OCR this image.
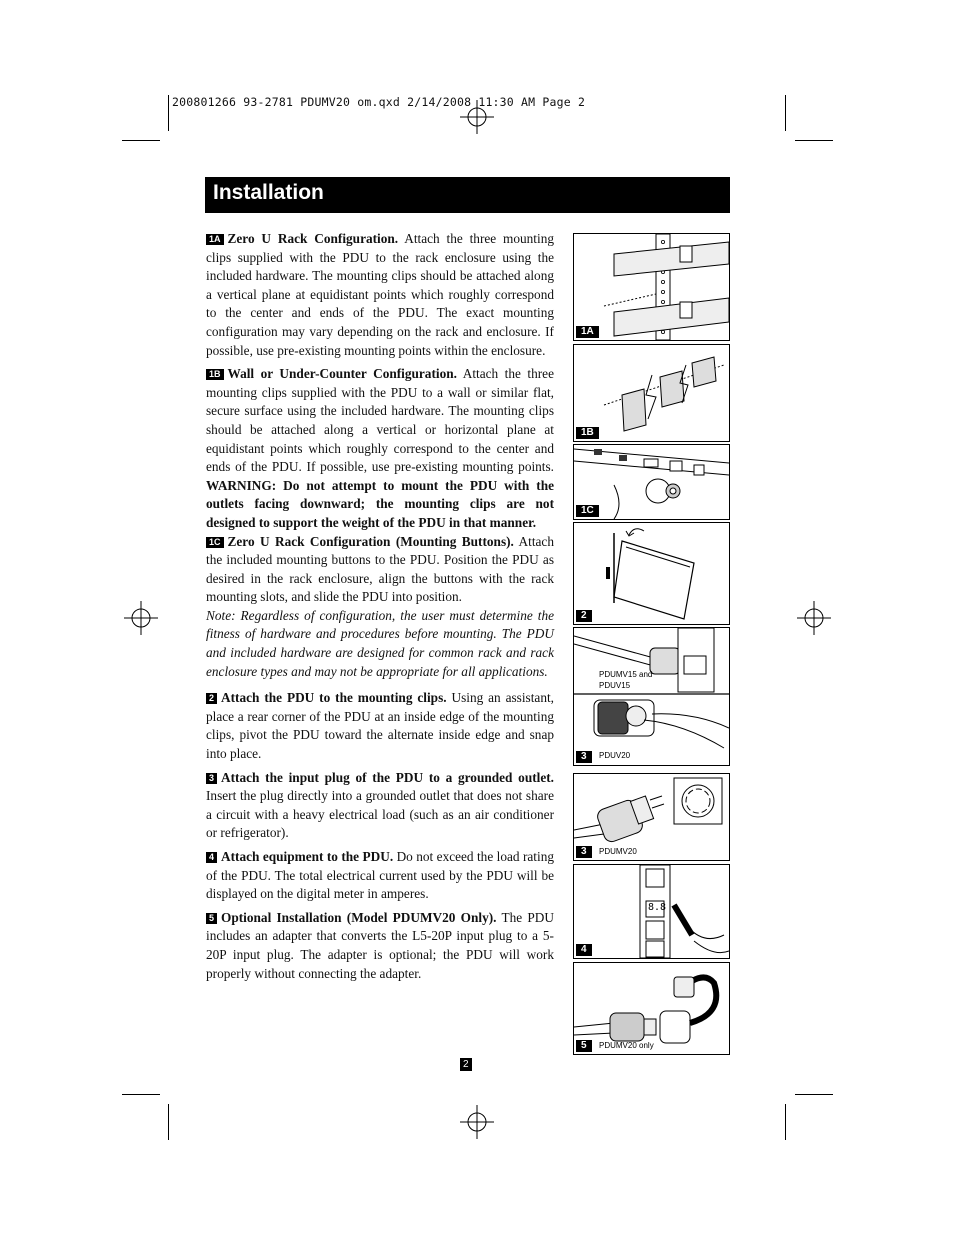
200801266 93-2781 PDUMV20 om.qxd 2/14/2008 11:30 AM Page 2
Installation

1A Zero U Rack Configuration. Attach the three mounting clips supplied with the PDU to the rack enclosure using the included hardware. The mounting clips should be attached along a vertical plane at equidistant points which roughly correspond to the center and ends of the PDU. The exact mounting configuration may vary depending on the rack and enclosure. If possible, use pre-existing mounting points within the enclosure.

1B Wall or Under-Counter Configuration. Attach the three mounting clips supplied with the PDU to a wall or similar flat, secure surface using the included hardware. The mounting clips should be attached along a vertical or horizontal plane at equidistant points which roughly correspond to the center and ends of the PDU. If possible, use pre-existing mounting points. WARNING: Do not attempt to mount the PDU with the outlets facing downward; the mounting clips are not designed to support the weight of the PDU in that manner.

1C Zero U Rack Configuration (Mounting Buttons). Attach the included mounting buttons to the PDU. Position the PDU as desired in the rack enclosure, align the buttons with the rack mounting slots, and slide the PDU into position.

Note: Regardless of configuration, the user must determine the fitness of hardware and procedures before mounting. The PDU and included hardware are designed for common rack and rack enclosure types and may not be appropriate for all applications.

2 Attach the PDU to the mounting clips. Using an assistant, place a rear corner of the PDU at an inside edge of the mounting clips, pivot the PDU toward the alternate inside edge and snap into place.

3 Attach the input plug of the PDU to a grounded outlet. Insert the plug directly into a grounded outlet that does not share a circuit with a heavy electrical load (such as an air conditioner or refrigerator).

4 Attach equipment to the PDU. Do not exceed the load rating of the PDU. The total electrical current used by the PDU will be displayed on the digital meter in amperes.

5 Optional Installation (Model PDUMV20 Only). The PDU includes an adapter that converts the L5-20P input plug to a 5-20P input plug. The adapter is optional; the PDU will work properly without connecting the adapter.

1A
1B
1C
2
PDUMV15 and
PDUV15
PDUV20
3
PDUMV20
3
8.8
4
PDUMV20 only
5
2
